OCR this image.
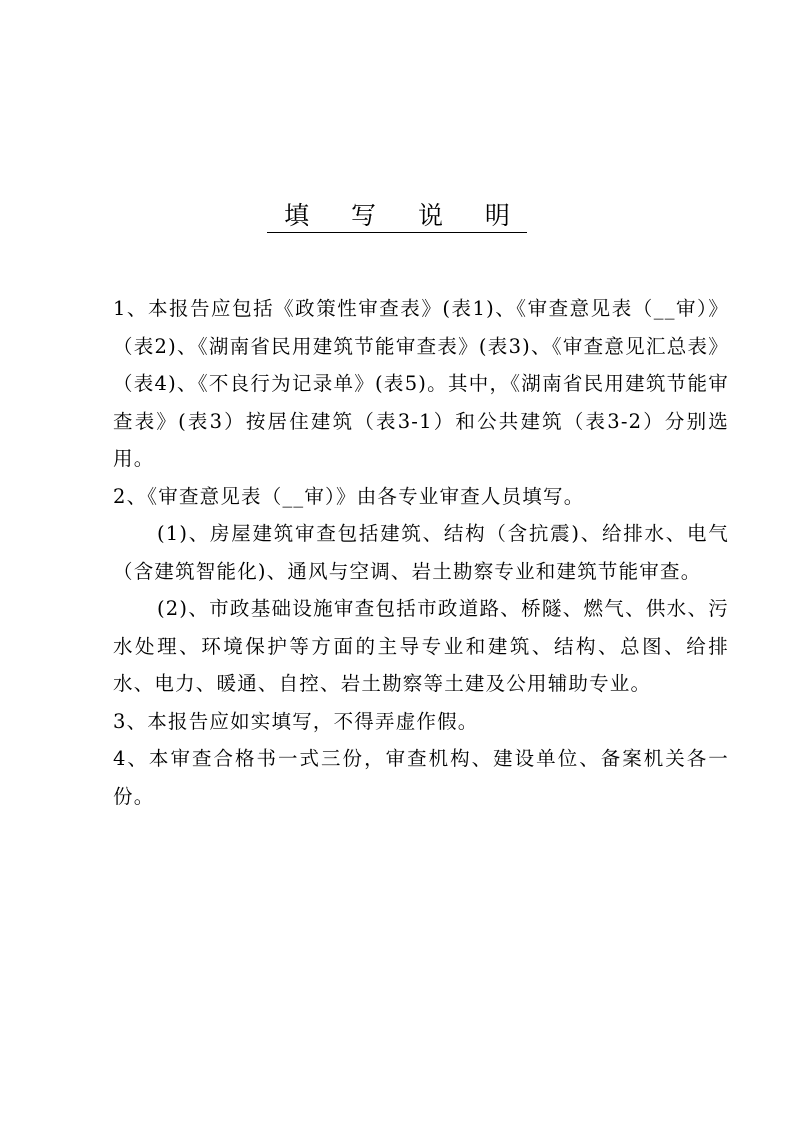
填 写 说 明

1、本报告应包括《政策性审查表》(表1)、《审查意见表（__审）》（表2)、《湖南省民用建筑节能审查表》(表3)、《审查意见汇总表》（表4)、《不良行为记录单》(表5)。其中，《湖南省民用建筑节能审查表》(表3）按居住建筑（表3-1）和公共建筑（表3-2）分别选用。

2、《审查意见表（__审）》由各专业审查人员填写。

(1)、房屋建筑审查包括建筑、结构（含抗震)、给排水、电气（含建筑智能化)、通风与空调、岩土勘察专业和建筑节能审查。

(2)、市政基础设施审查包括市政道路、桥隧、燃气、供水、污水处理、环境保护等方面的主导专业和建筑、结构、总图、给排水、电力、暖通、自控、岩土勘察等土建及公用辅助专业。

3、本报告应如实填写，不得弄虚作假。

4、本审查合格书一式三份，审查机构、建设单位、备案机关各一份。
